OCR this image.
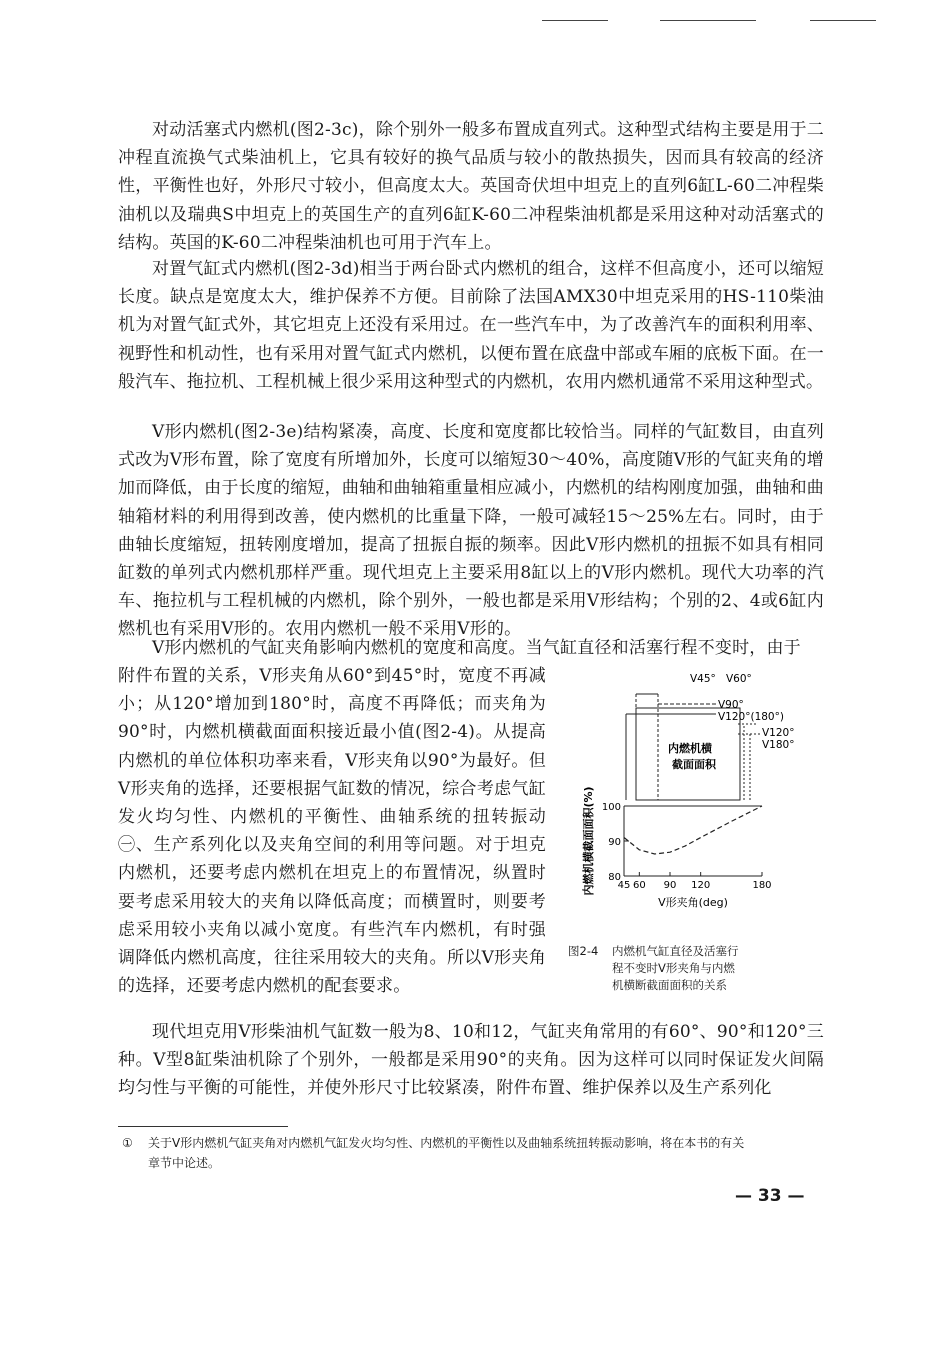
对动活塞式内燃机(图2-3c)，除个别外一般多布置成直列式。这种型式结构主要是用于二冲程直流换气式柴油机上，它具有较好的换气品质与较小的散热损失，因而具有较高的经济性，平衡性也好，外形尺寸较小，但高度太大。英国奇伏坦中坦克上的直列6缸L-60二冲程柴油机以及瑞典S中坦克上的英国生产的直列6缸K-60二冲程柴油机都是采用这种对动活塞式的结构。英国的K-60二冲程柴油机也可用于汽车上。

对置气缸式内燃机(图2-3d)相当于两台卧式内燃机的组合，这样不但高度小，还可以缩短长度。缺点是宽度太大，维护保养不方便。目前除了法国AMX30中坦克采用的HS-110柴油机为对置气缸式外，其它坦克上还没有采用过。在一些汽车中，为了改善汽车的面积利用率、视野性和机动性，也有采用对置气缸式内燃机，以便布置在底盘中部或车厢的底板下面。在一般汽车、拖拉机、工程机械上很少采用这种型式的内燃机，农用内燃机通常不采用这种型式。

V形内燃机(图2-3e)结构紧凑，高度、长度和宽度都比较恰当。同样的气缸数目，由直列式改为V形布置，除了宽度有所增加外，长度可以缩短30～40%，高度随V形的气缸夹角的增加而降低，由于长度的缩短，曲轴和曲轴箱重量相应减小，内燃机的结构刚度加强，曲轴和曲轴箱材料的利用得到改善，使内燃机的比重量下降，一般可减轻15～25%左右。同时，由于曲轴长度缩短，扭转刚度增加，提高了扭振自振的频率。因此V形内燃机的扭振不如具有相同缸数的单列式内燃机那样严重。现代坦克上主要采用8缸以上的V形内燃机。现代大功率的汽车、拖拉机与工程机械的内燃机，除个别外，一般也都是采用V形结构；个别的2、4或6缸内燃机也有采用V形的。农用内燃机一般不采用V形的。

V形内燃机的气缸夹角影响内燃机的宽度和高度。当气缸直径和活塞行程不变时，由于

附件布置的关系，V形夹角从60°到45°时，宽度不再减小；从120°增加到180°时，高度不再降低；而夹角为90°时，内燃机横截面面积接近最小值(图2-4)。从提高内燃机的单位体积功率来看，V形夹角以90°为最好。但V形夹角的选择，还要根据气缸数的情况，综合考虑气缸发火均匀性、内燃机的平衡性、曲轴系统的扭转振动㊀、生产系列化以及夹角空间的利用等问题。对于坦克内燃机，还要考虑内燃机在坦克上的布置情况，纵置时要考虑采用较大的夹角以降低高度；而横置时，则要考虑采用较小夹角以减小宽度。有些汽车内燃机，有时强调降低内燃机高度，往往采用较大的夹角。所以V形夹角的选择，还要考虑内燃机的配套要求。

现代坦克用V形柴油机气缸数一般为8、10和12，气缸夹角常用的有60°、90°和120°三种。V型8缸柴油机除了个别外，一般都是采用90°的夹角。因为这样可以同时保证发火间隔均匀性与平衡的可能性，并使外形尺寸比较紧凑，附件布置、维护保养以及生产系列化

V45° V60°
V90°
V120°(180°)
V120°
V180°
内燃机横
截面面积
80
90
100
45 60 90 120	180
V形夹角(deg)
内燃机横截面面积(%)
图2-4 内燃机气缸直径及活塞行
程不变时V形夹角与内燃
机横断截面面积的关系
① 关于V形内燃机气缸夹角对内燃机气缸发火均匀性、内燃机的平衡性以及曲轴系统扭转振动影响，将在本书的有关
章节中论述。
— 33 —
